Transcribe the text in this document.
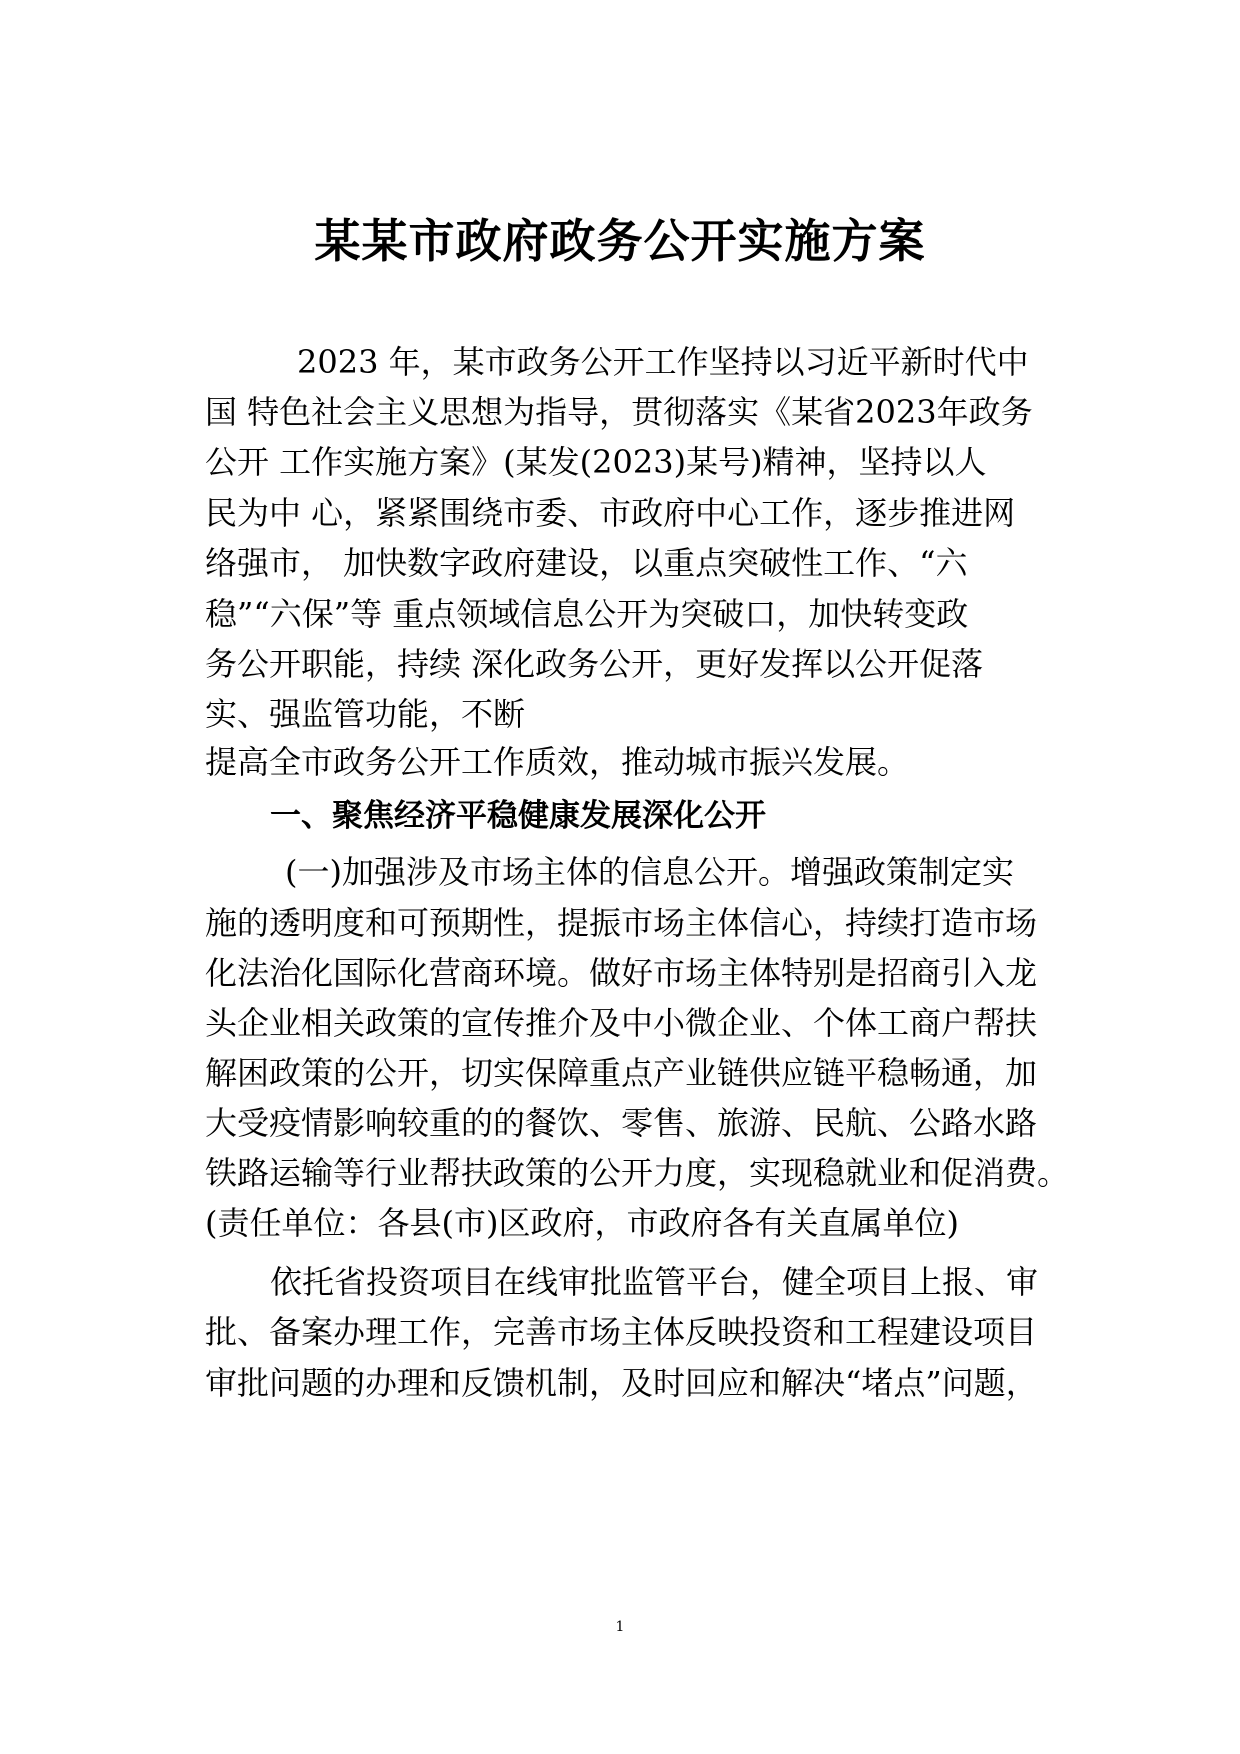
某某市政府政务公开实施方案
2023 年，某市政务公开工作坚持以习近平新时代中
国 特色社会主义思想为指导，贯彻落实《某省2023年政务
公开 工作实施方案》(某发(2023)某号)精神，坚持以人
民为中 心，紧紧围绕市委、市政府中心工作，逐步推进网
络强市， 加快数字政府建设，以重点突破性工作、“六
稳”“六保”等 重点领域信息公开为突破口，加快转变政
务公开职能，持续 深化政务公开，更好发挥以公开促落
实、强监管功能，不断
提高全市政务公开工作质效，推动城市振兴发展。
一、聚焦经济平稳健康发展深化公开
(一)加强涉及市场主体的信息公开。增强政策制定实
施的透明度和可预期性，提振市场主体信心，持续打造市场
化法治化国际化营商环境。做好市场主体特别是招商引入龙
头企业相关政策的宣传推介及中小微企业、个体工商户帮扶
解困政策的公开，切实保障重点产业链供应链平稳畅通，加
大受疫情影响较重的的餐饮、零售、旅游、民航、公路水路
铁路运输等行业帮扶政策的公开力度，实现稳就业和促消费。
(责任单位：各县(市)区政府，市政府各有关直属单位)
依托省投资项目在线审批监管平台，健全项目上报、审
批、备案办理工作，完善市场主体反映投资和工程建设项目
审批问题的办理和反馈机制，及时回应和解决“堵点”问题，
1
